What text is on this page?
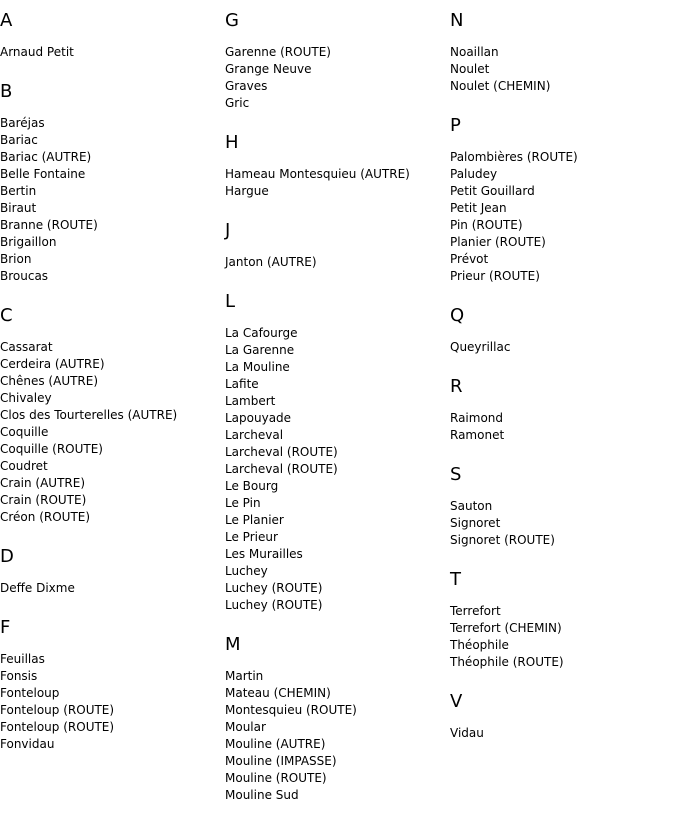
A
Arnaud Petit
B
Baréjas
Bariac
Bariac (AUTRE)
Belle Fontaine
Bertin
Biraut
Branne (ROUTE)
Brigaillon
Brion
Broucas
C
Cassarat
Cerdeira (AUTRE)
Chênes (AUTRE)
Chivaley
Clos des Tourterelles (AUTRE)
Coquille
Coquille (ROUTE)
Coudret
Crain (AUTRE)
Crain (ROUTE)
Créon (ROUTE)
D
Deffe Dixme
F
Feuillas
Fonsis
Fonteloup
Fonteloup (ROUTE)
Fonteloup (ROUTE)
Fonvidau
G
Garenne (ROUTE)
Grange Neuve
Graves
Gric
H
Hameau Montesquieu (AUTRE)
Hargue
J
Janton (AUTRE)
L
La Cafourge
La Garenne
La Mouline
Lafite
Lambert
Lapouyade
Larcheval
Larcheval (ROUTE)
Larcheval (ROUTE)
Le Bourg
Le Pin
Le Planier
Le Prieur
Les Murailles
Luchey
Luchey (ROUTE)
Luchey (ROUTE)
M
Martin
Mateau (CHEMIN)
Montesquieu (ROUTE)
Moular
Mouline (AUTRE)
Mouline (IMPASSE)
Mouline (ROUTE)
Mouline Sud
N
Noaillan
Noulet
Noulet (CHEMIN)
P
Palombières (ROUTE)
Paludey
Petit Gouillard
Petit Jean
Pin (ROUTE)
Planier (ROUTE)
Prévot
Prieur (ROUTE)
Q
Queyrillac
R
Raimond
Ramonet
S
Sauton
Signoret
Signoret (ROUTE)
T
Terrefort
Terrefort (CHEMIN)
Théophile
Théophile (ROUTE)
V
Vidau
